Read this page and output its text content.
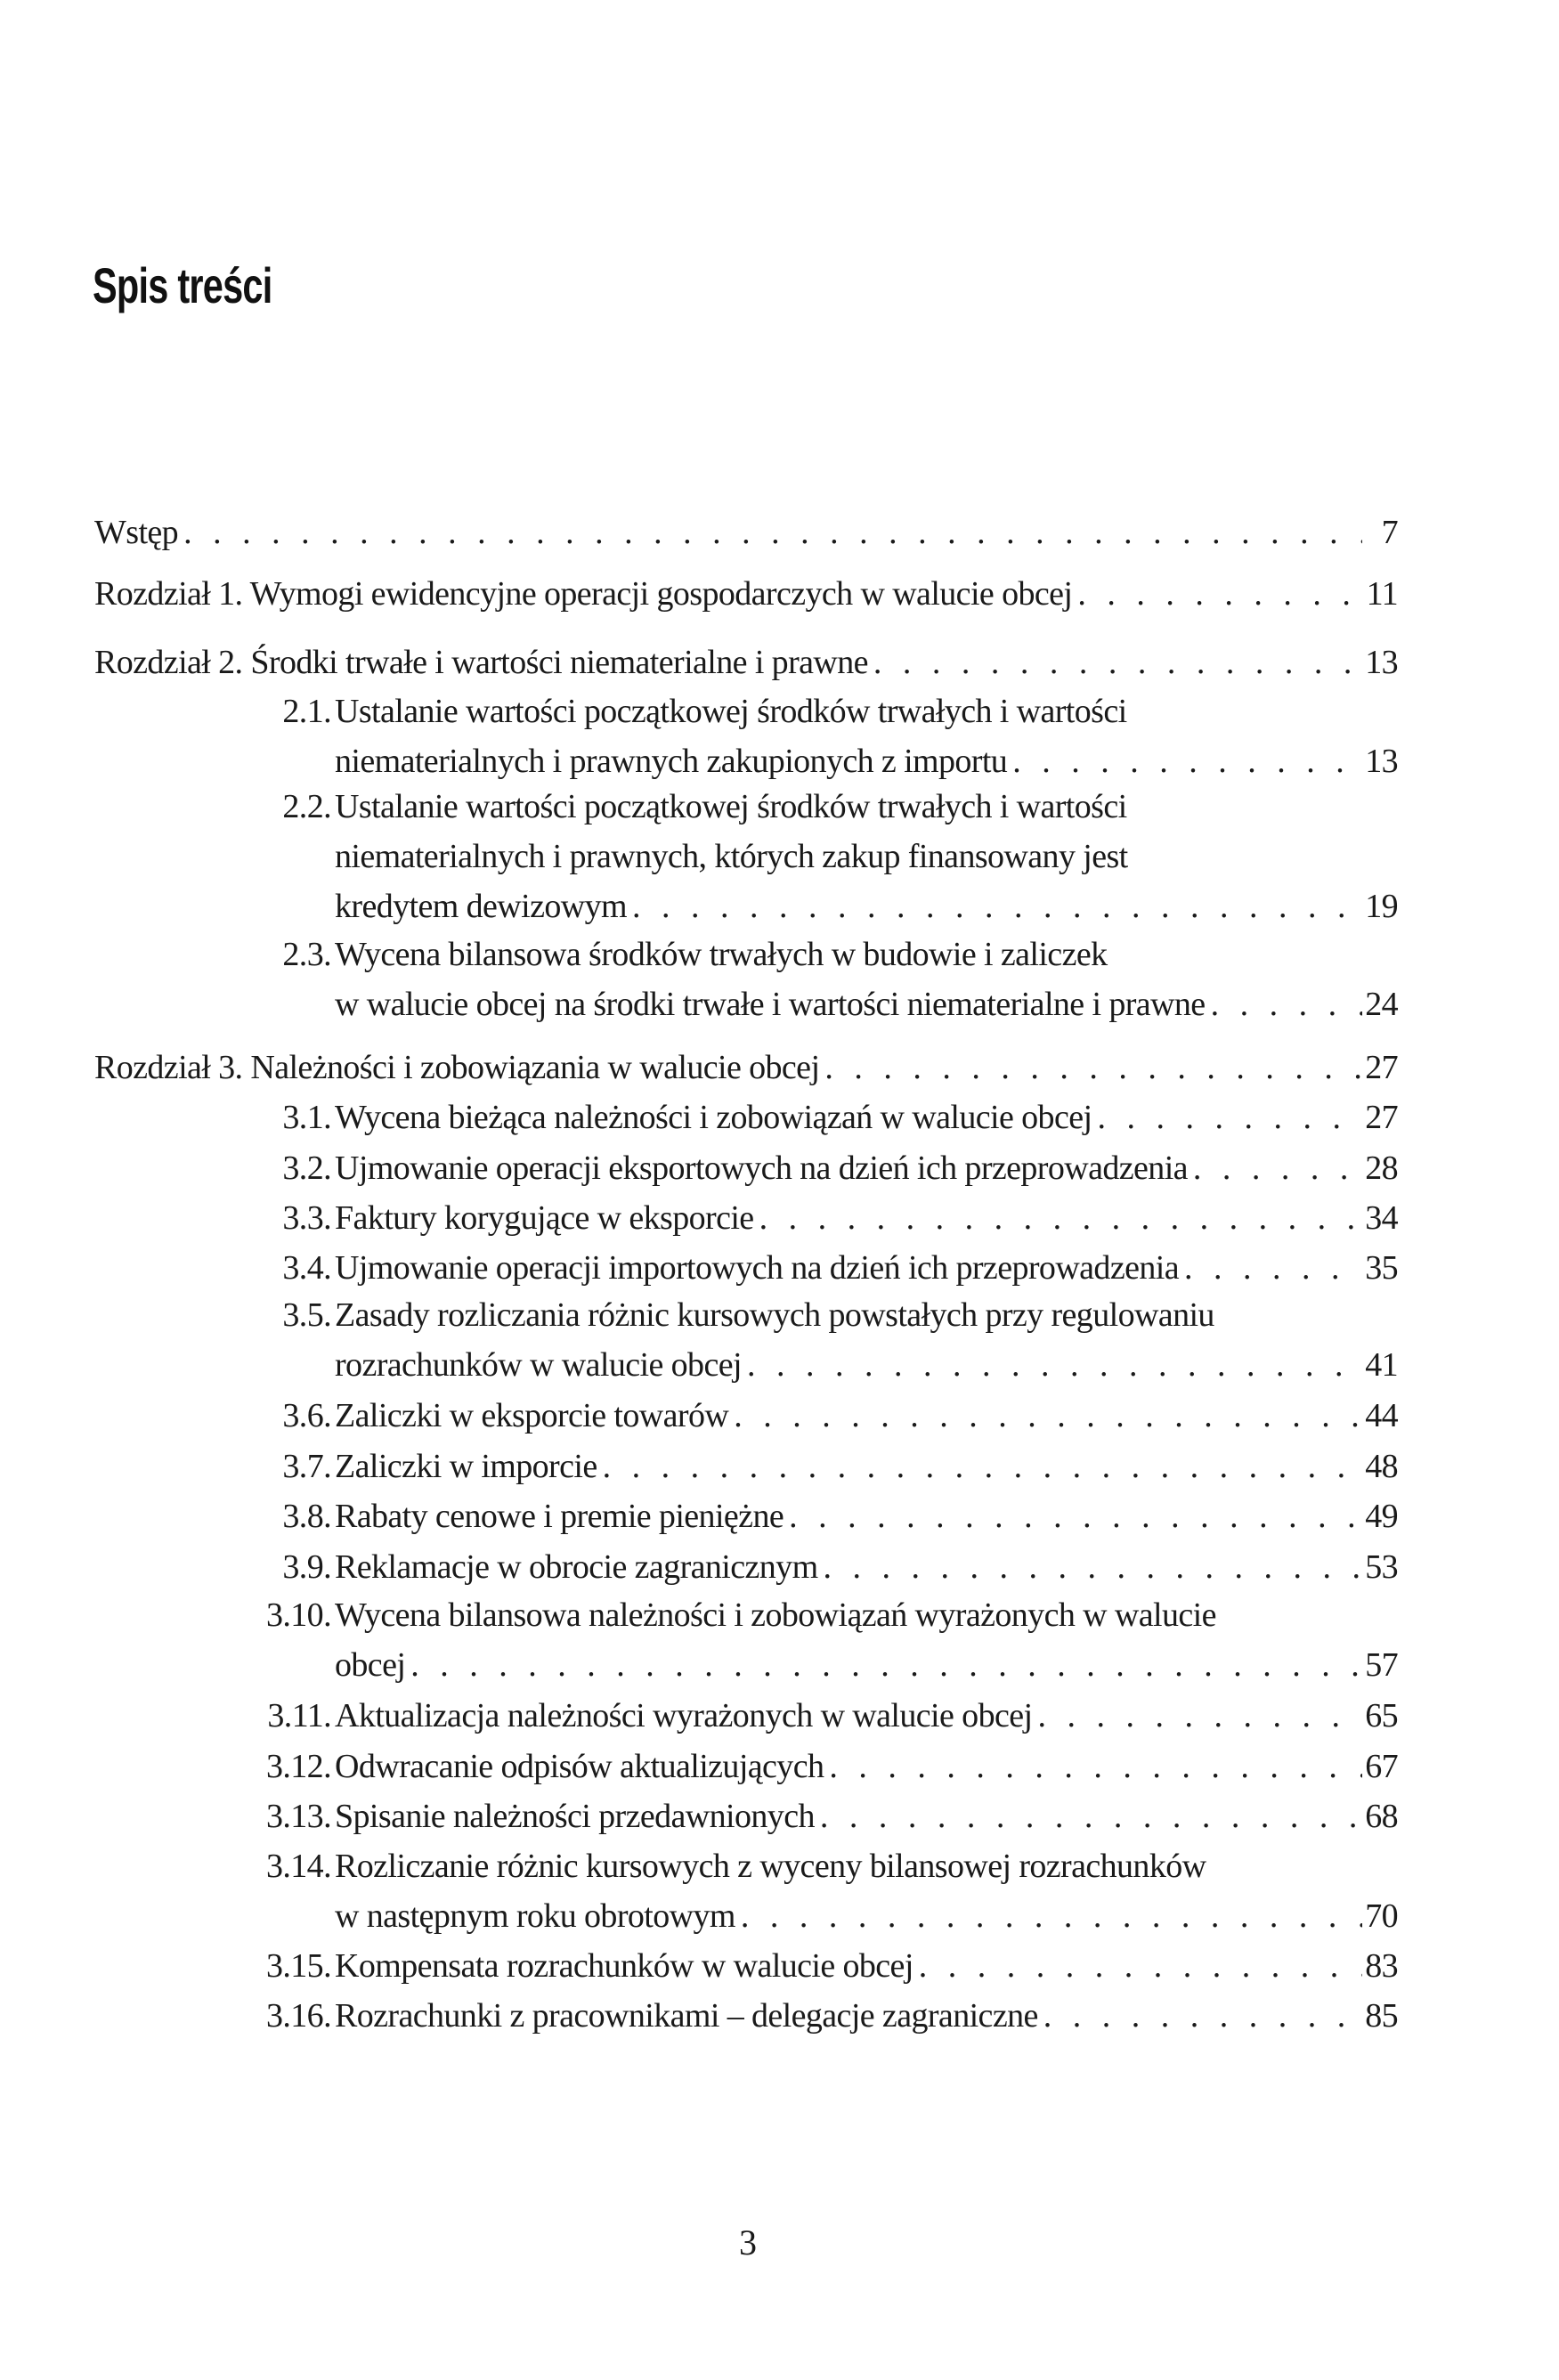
Spis treści
Wstęp . . .	7
Rozdział 1. Wymogi ewidencyjne operacji gospodarczych w walucie obcej . . .	11
Rozdział 2. Środki trwałe i wartości niematerialne i prawne . . .	13
2.1. Ustalanie wartości początkowej środków trwałych i wartości
niematerialnych i prawnych zakupionych z importu . . .	13
2.2. Ustalanie wartości początkowej środków trwałych i wartości
niematerialnych i prawnych, których zakup finansowany jest
kredytem dewizowym . . .	19
2.3. Wycena bilansowa środków trwałych w budowie i zaliczek
w walucie obcej na środki trwałe i wartości niematerialne i prawne . . .	24
Rozdział 3. Należności i zobowiązania w walucie obcej . . .	27
3.1. Wycena bieżąca należności i zobowiązań w walucie obcej . . .	27
3.2. Ujmowanie operacji eksportowych na dzień ich przeprowadzenia . . .	28
3.3. Faktury korygujące w eksporcie . . .	34
3.4. Ujmowanie operacji importowych na dzień ich przeprowadzenia . . .	35
3.5. Zasady rozliczania różnic kursowych powstałych przy regulowaniu
rozrachunków w walucie obcej . . .	41
3.6. Zaliczki w eksporcie towarów . . .	44
3.7. Zaliczki w imporcie . . .	48
3.8. Rabaty cenowe i premie pieniężne . . .	49
3.9. Reklamacje w obrocie zagranicznym . . .	53
3.10. Wycena bilansowa należności i zobowiązań wyrażonych w walucie
obcej . . .	57
3.11. Aktualizacja należności wyrażonych w walucie obcej . . .	65
3.12. Odwracanie odpisów aktualizujących . . .	67
3.13. Spisanie należności przedawnionych . . .	68
3.14. Rozliczanie różnic kursowych z wyceny bilansowej rozrachunków
w następnym roku obrotowym . . .	70
3.15. Kompensata rozrachunków w walucie obcej . . .	83
3.16. Rozrachunki z pracownikami – delegacje zagraniczne . . .	85
3
